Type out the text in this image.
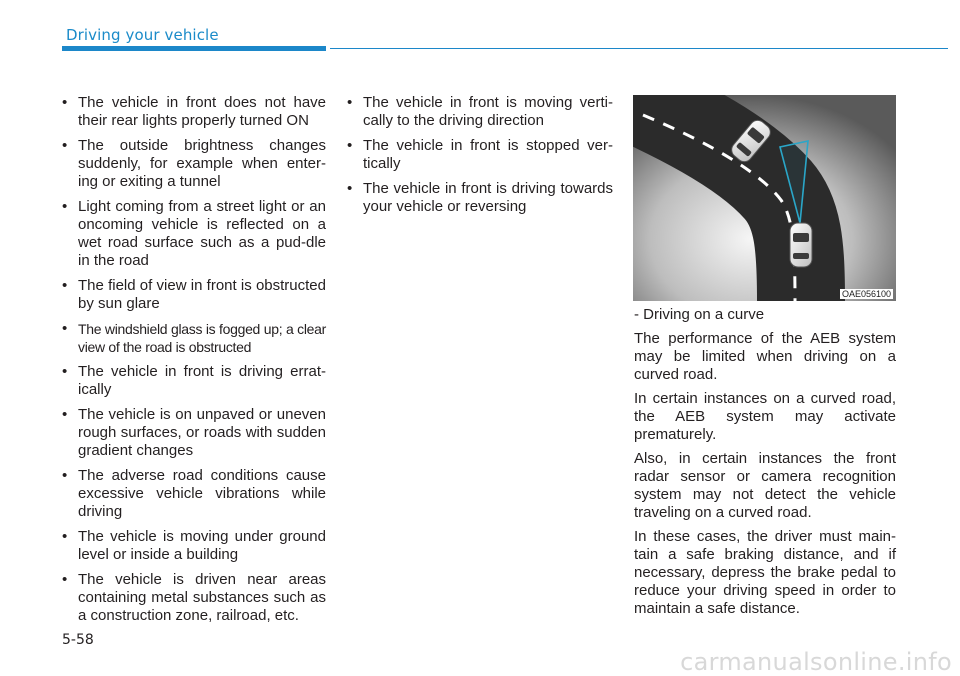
Driving your vehicle
• The vehicle in front does not have their rear lights properly turned ON
• The outside brightness changes suddenly, for example when enter-ing or exiting a tunnel
• Light coming from a street light or an oncoming vehicle is reflected on a wet road surface such as a pud-dle in the road
• The field of view in front is obstructed by sun glare
• The windshield glass is fogged up; a clear view of the road is obstructed
• The vehicle in front is driving errat-ically
• The vehicle is on unpaved or uneven rough surfaces, or roads with sudden gradient changes
• The adverse road conditions cause excessive vehicle vibrations while driving
• The vehicle is moving under ground level or inside a building
• The vehicle is driven near areas containing metal substances such as a construction zone, railroad, etc.
• The vehicle in front is moving verti-cally to the driving direction
• The vehicle in front is stopped ver-tically
• The vehicle in front is driving towards your vehicle or reversing
OAE056100

- Driving on a curve

The performance of the AEB system may be limited when driving on a curved road.

In certain instances on a curved road, the AEB system may activate prematurely.

Also, in certain instances the front radar sensor or camera recognition system may not detect the vehicle traveling on a curved road.

In these cases, the driver must main-tain a safe braking distance, and if necessary, depress the brake pedal to reduce your driving speed in order to maintain a safe distance.

5-58
carmanualsonline.info
